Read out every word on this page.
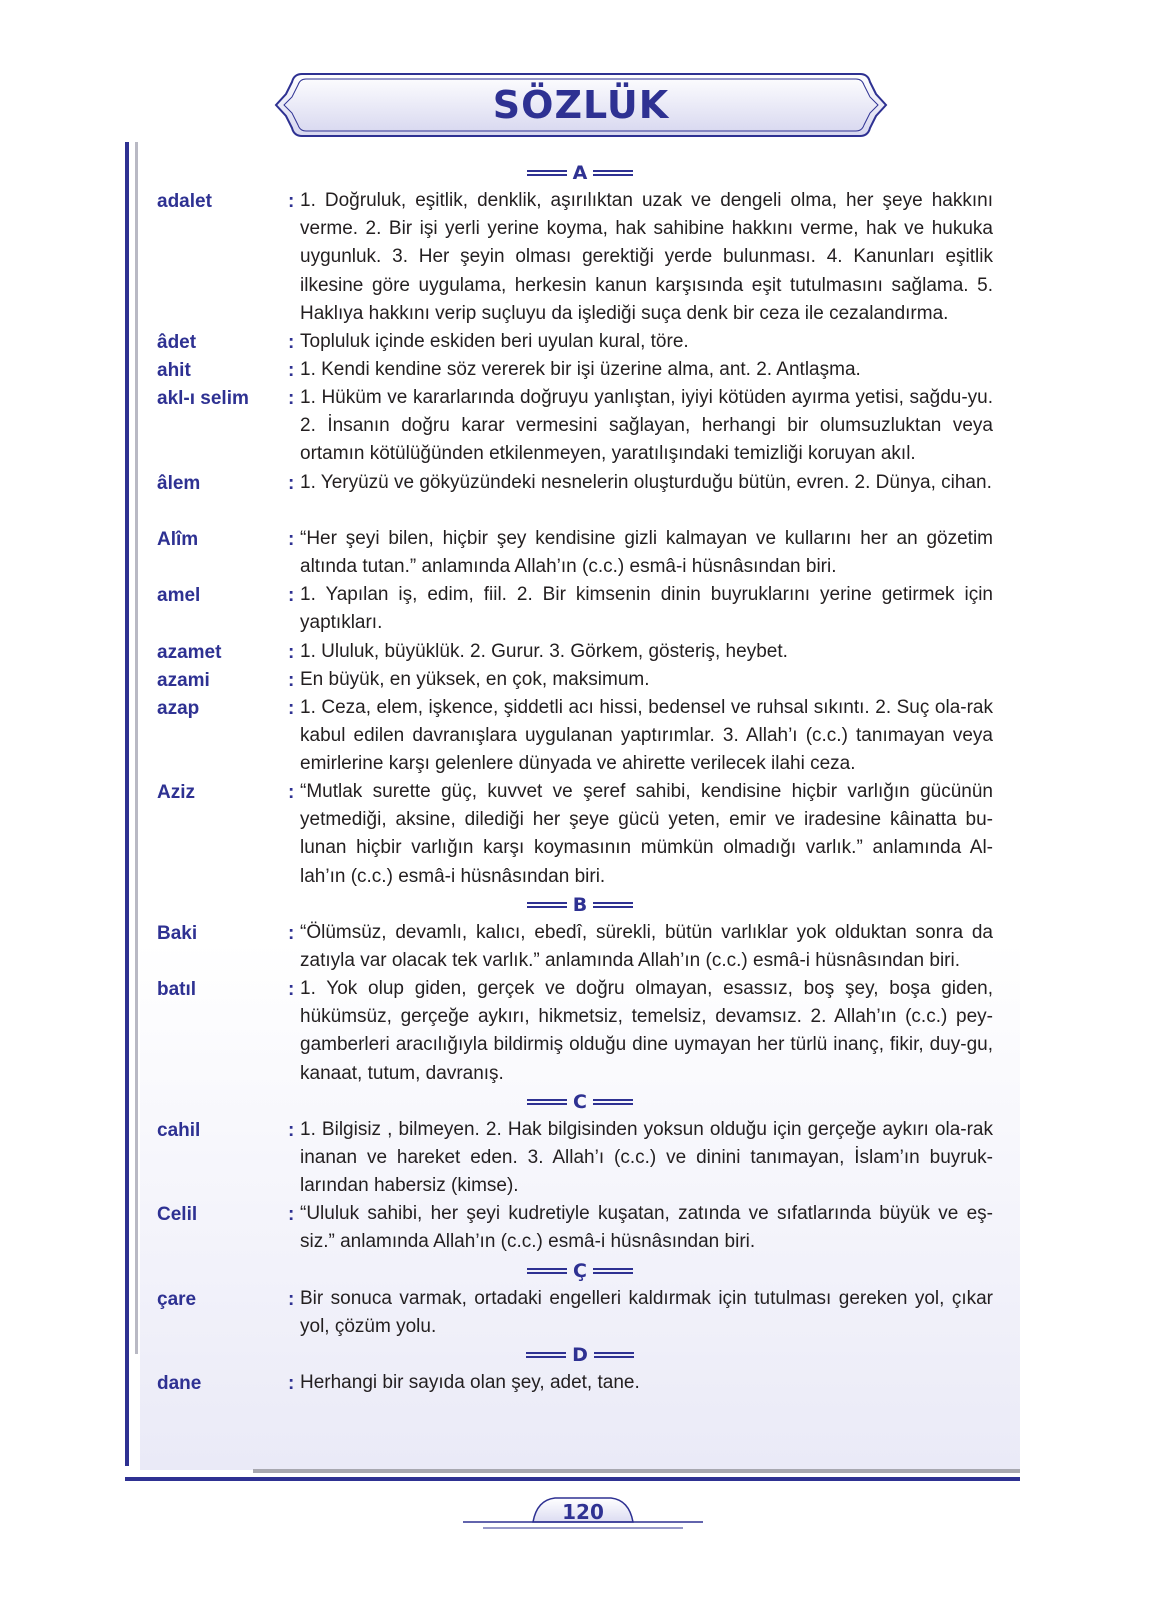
SÖZLÜK
A
adalet	: 1. Doğruluk, eşitlik, denklik, aşırılıktan uzak ve dengeli olma, her şeye hakkını verme. 2. Bir işi yerli yerine koyma, hak sahibine hakkını verme, hak ve hukuka uygunluk. 3. Her şeyin olması gerektiği yerde bulunması. 4. Kanunları eşitlik ilkesine göre uygulama, herkesin kanun karşısında eşit tutulmasını sağlama. 5. Haklıya hakkını verip suçluyu da işlediği suça denk bir ceza ile cezalandırma.
âdet	: Topluluk içinde eskiden beri uyulan kural, töre.
ahit	: 1. Kendi kendine söz vererek bir işi üzerine alma, ant. 2. Antlaşma.
akl-ı selim : 1. Hüküm ve kararlarında doğruyu yanlıştan, iyiyi kötüden ayırma yetisi, sağdu-yu. 2. İnsanın doğru karar vermesini sağlayan, herhangi bir olumsuzluktan veya ortamın kötülüğünden etkilenmeyen, yaratılışındaki temizliği koruyan akıl.
âlem	: 1. Yeryüzü ve gökyüzündeki nesnelerin oluşturduğu bütün, evren. 2. Dünya, cihan.
Alîm	: “Her şeyi bilen, hiçbir şey kendisine gizli kalmayan ve kullarını her an gözetim altında tutan.” anlamında Allah’ın (c.c.) esmâ-i hüsnâsından biri.
amel	: 1. Yapılan iş, edim, fiil. 2. Bir kimsenin dinin buyruklarını yerine getirmek için yaptıkları.
azamet	: 1. Ululuk, büyüklük. 2. Gurur. 3. Görkem, gösteriş, heybet.
azami	: En büyük, en yüksek, en çok, maksimum.
azap	: 1. Ceza, elem, işkence, şiddetli acı hissi, bedensel ve ruhsal sıkıntı. 2. Suç ola-rak kabul edilen davranışlara uygulanan yaptırımlar. 3. Allah’ı (c.c.) tanımayan veya emirlerine karşı gelenlere dünyada ve ahirette verilecek ilahi ceza.
Aziz	: “Mutlak surette güç, kuvvet ve şeref sahibi, kendisine hiçbir varlığın gücünün yetmediği, aksine, dilediği her şeye gücü yeten, emir ve iradesine kâinatta bu-lunan hiçbir varlığın karşı koymasının mümkün olmadığı varlık.” anlamında Al-lah’ın (c.c.) esmâ-i hüsnâsından biri.
B
Baki	: “Ölümsüz, devamlı, kalıcı, ebedî, sürekli, bütün varlıklar yok olduktan sonra da zatıyla var olacak tek varlık.” anlamında Allah’ın (c.c.) esmâ-i hüsnâsından biri.
batıl	: 1. Yok olup giden, gerçek ve doğru olmayan, esassız, boş şey, boşa giden, hükümsüz, gerçeğe aykırı, hikmetsiz, temelsiz, devamsız. 2. Allah’ın (c.c.) pey-gamberleri aracılığıyla bildirmiş olduğu dine uymayan her türlü inanç, fikir, duy-gu, kanaat, tutum, davranış.
C
cahil	: 1. Bilgisiz , bilmeyen. 2. Hak bilgisinden yoksun olduğu için gerçeğe aykırı ola-rak inanan ve hareket eden. 3. Allah’ı (c.c.) ve dinini tanımayan, İslam’ın buyruk-larından habersiz (kimse).
Celil	: “Ululuk sahibi, her şeyi kudretiyle kuşatan, zatında ve sıfatlarında büyük ve eş-siz.” anlamında Allah’ın (c.c.) esmâ-i hüsnâsından biri.
Ç
çare	: Bir sonuca varmak, ortadaki engelleri kaldırmak için tutulması gereken yol, çıkar yol, çözüm yolu.
D
dane	: Herhangi bir sayıda olan şey, adet, tane.
120
